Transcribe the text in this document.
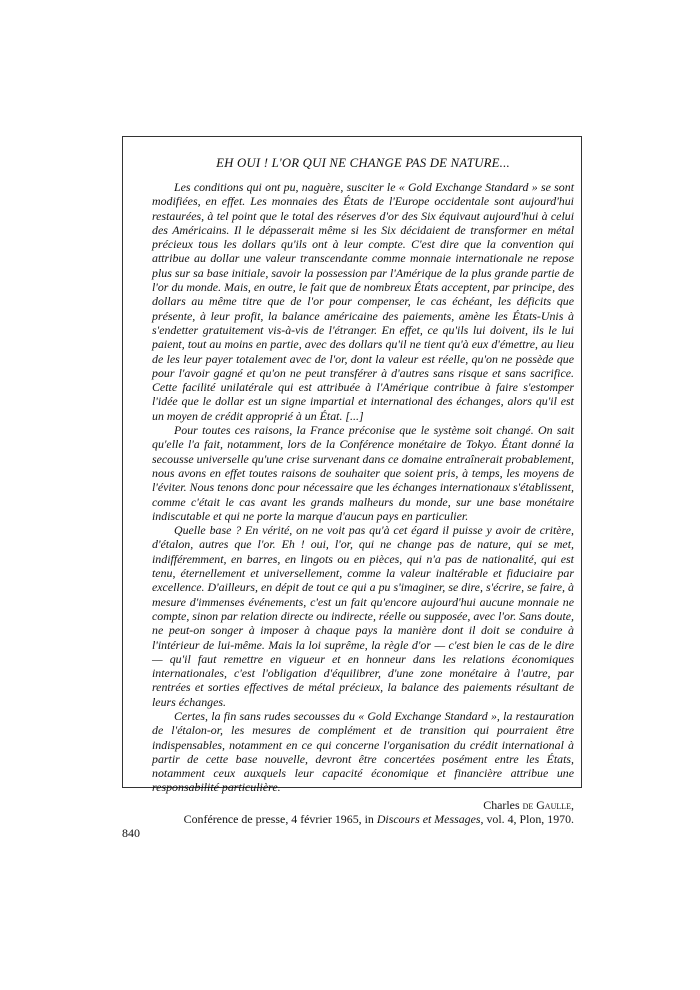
EH OUI ! L'OR QUI NE CHANGE PAS DE NATURE...

Les conditions qui ont pu, naguère, susciter le « Gold Exchange Standard » se sont modifiées, en effet. Les monnaies des États de l'Europe occidentale sont aujourd'hui restaurées, à tel point que le total des réserves d'or des Six équivaut aujourd'hui à celui des Américains. Il le dépasserait même si les Six décidaient de transformer en métal précieux tous les dollars qu'ils ont à leur compte. C'est dire que la convention qui attribue au dollar une valeur transcendante comme monnaie internationale ne repose plus sur sa base initiale, savoir la possession par l'Amérique de la plus grande partie de l'or du monde. Mais, en outre, le fait que de nombreux États acceptent, par principe, des dollars au même titre que de l'or pour compenser, le cas échéant, les déficits que présente, à leur profit, la balance américaine des paiements, amène les États-Unis à s'endetter gratuitement vis-à-vis de l'étranger. En effet, ce qu'ils lui doivent, ils le lui paient, tout au moins en partie, avec des dollars qu'il ne tient qu'à eux d'émettre, au lieu de les leur payer totalement avec de l'or, dont la valeur est réelle, qu'on ne possède que pour l'avoir gagné et qu'on ne peut transférer à d'autres sans risque et sans sacrifice. Cette facilité unilatérale qui est attribuée à l'Amérique contribue à faire s'estomper l'idée que le dollar est un signe impartial et international des échanges, alors qu'il est un moyen de crédit approprié à un État. [...]

Pour toutes ces raisons, la France préconise que le système soit changé. On sait qu'elle l'a fait, notamment, lors de la Conférence monétaire de Tokyo. Étant donné la secousse universelle qu'une crise survenant dans ce domaine entraînerait probablement, nous avons en effet toutes raisons de souhaiter que soient pris, à temps, les moyens de l'éviter. Nous tenons donc pour nécessaire que les échanges internationaux s'établissent, comme c'était le cas avant les grands malheurs du monde, sur une base monétaire indiscutable et qui ne porte la marque d'aucun pays en particulier.

Quelle base ? En vérité, on ne voit pas qu'à cet égard il puisse y avoir de critère, d'étalon, autres que l'or. Eh ! oui, l'or, qui ne change pas de nature, qui se met, indifféremment, en barres, en lingots ou en pièces, qui n'a pas de nationalité, qui est tenu, éternellement et universellement, comme la valeur inaltérable et fiduciaire par excellence. D'ailleurs, en dépit de tout ce qui a pu s'imaginer, se dire, s'écrire, se faire, à mesure d'immenses événements, c'est un fait qu'encore aujourd'hui aucune monnaie ne compte, sinon par relation directe ou indirecte, réelle ou supposée, avec l'or. Sans doute, ne peut-on songer à imposer à chaque pays la manière dont il doit se conduire à l'intérieur de lui-même. Mais la loi suprême, la règle d'or — c'est bien le cas de le dire — qu'il faut remettre en vigueur et en honneur dans les relations économiques internationales, c'est l'obligation d'équilibrer, d'une zone monétaire à l'autre, par rentrées et sorties effectives de métal précieux, la balance des paiements résultant de leurs échanges.

Certes, la fin sans rudes secousses du « Gold Exchange Standard », la restauration de l'étalon-or, les mesures de complément et de transition qui pourraient être indispensables, notamment en ce qui concerne l'organisation du crédit international à partir de cette base nouvelle, devront être concertées posément entre les États, notamment ceux auxquels leur capacité économique et financière attribue une responsabilité particulière.

Charles de Gaulle,
Conférence de presse, 4 février 1965, in Discours et Messages, vol. 4, Plon, 1970.
840
